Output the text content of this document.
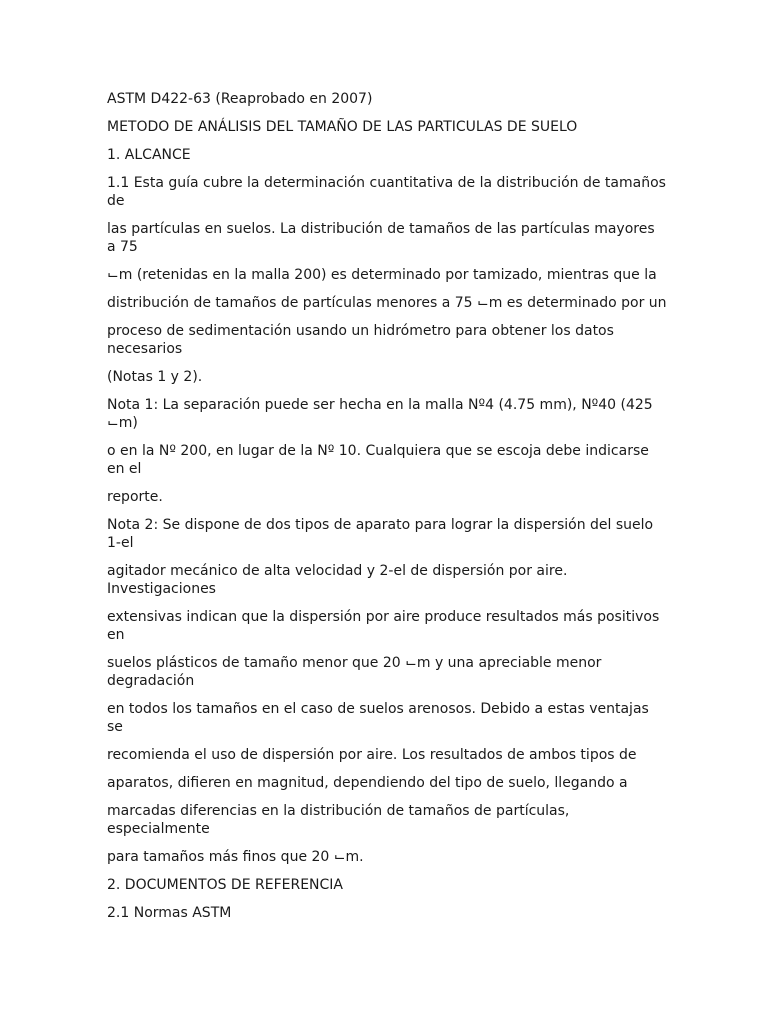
ASTM D422-63 (Reaprobado en 2007)

METODO DE ANÁLISIS DEL TAMAÑO DE LAS PARTICULAS DE SUELO

1. ALCANCE

1.1 Esta guía cubre la determinación cuantitativa de la distribución de tamaños de

las partículas en suelos. La distribución de tamaños de las partículas mayores a 75

⌙m (retenidas en la malla 200) es determinado por tamizado, mientras que la

distribución de tamaños de partículas menores a 75 ⌙m es determinado por un

proceso de sedimentación usando un hidrómetro para obtener los datos necesarios

(Notas 1 y 2).

Nota 1: La separación puede ser hecha en la malla Nº4 (4.75 mm), Nº40 (425 ⌙m)

o en la Nº 200, en lugar de la Nº 10. Cualquiera que se escoja debe indicarse en el

reporte.

Nota 2: Se dispone de dos tipos de aparato para lograr la dispersión del suelo 1-el

agitador mecánico de alta velocidad y 2-el de dispersión por aire. Investigaciones

extensivas indican que la dispersión por aire produce resultados más positivos en

suelos plásticos de tamaño menor que 20 ⌙m y una apreciable menor degradación

en todos los tamaños en el caso de suelos arenosos. Debido a estas ventajas se

recomienda el uso de dispersión por aire. Los resultados de ambos tipos de

aparatos, difieren en magnitud, dependiendo del tipo de suelo, llegando a

marcadas diferencias en la distribución de tamaños de partículas, especialmente

para tamaños más finos que 20 ⌙m.

2. DOCUMENTOS DE REFERENCIA

2.1 Normas ASTM
